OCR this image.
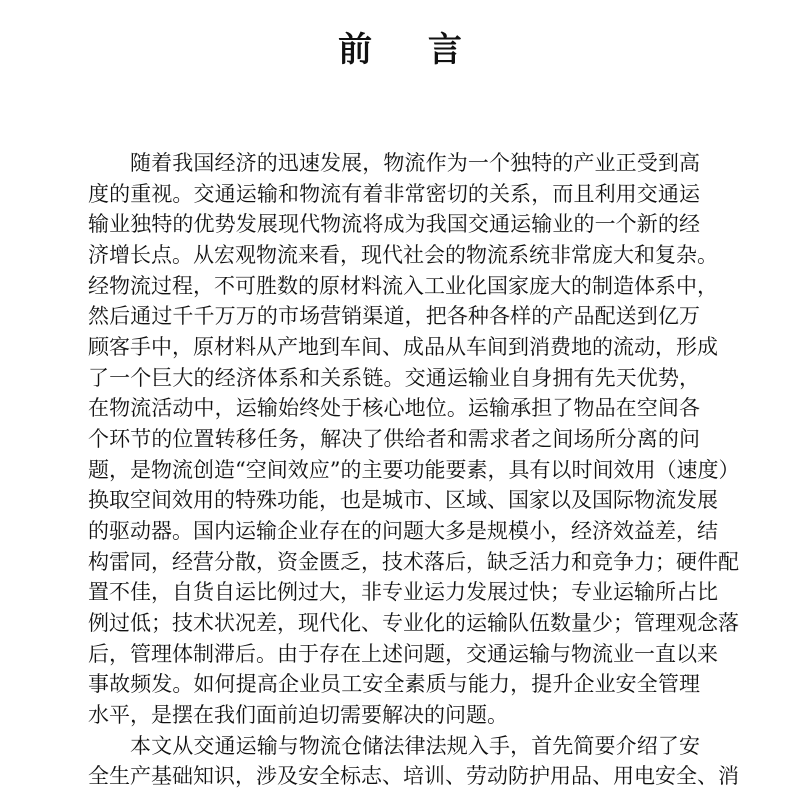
前 言

随着我国经济的迅速发展，物流作为一个独特的产业正受到高

度的重视。交通运输和物流有着非常密切的关系，而且利用交通运

输业独特的优势发展现代物流将成为我国交通运输业的一个新的经

济增长点。从宏观物流来看，现代社会的物流系统非常庞大和复杂。

经物流过程，不可胜数的原材料流入工业化国家庞大的制造体系中，

然后通过千千万万的市场营销渠道，把各种各样的产品配送到亿万

顾客手中，原材料从产地到车间、成品从车间到消费地的流动，形成

了一个巨大的经济体系和关系链。交通运输业自身拥有先天优势，

在物流活动中，运输始终处于核心地位。运输承担了物品在空间各

个环节的位置转移任务，解决了供给者和需求者之间场所分离的问

题，是物流创造“空间效应”的主要功能要素，具有以时间效用（速度）

换取空间效用的特殊功能，也是城市、区域、国家以及国际物流发展

的驱动器。国内运输企业存在的问题大多是规模小，经济效益差，结

构雷同，经营分散，资金匮乏，技术落后，缺乏活力和竞争力；硬件配

置不佳，自货自运比例过大，非专业运力发展过快；专业运输所占比

例过低；技术状况差，现代化、专业化的运输队伍数量少；管理观念落

后，管理体制滞后。由于存在上述问题，交通运输与物流业一直以来

事故频发。如何提高企业员工安全素质与能力，提升企业安全管理

水平，是摆在我们面前迫切需要解决的问题。

本文从交通运输与物流仓储法律法规入手，首先简要介绍了安

全生产基础知识，涉及安全标志、培训、劳动防护用品、用电安全、消
